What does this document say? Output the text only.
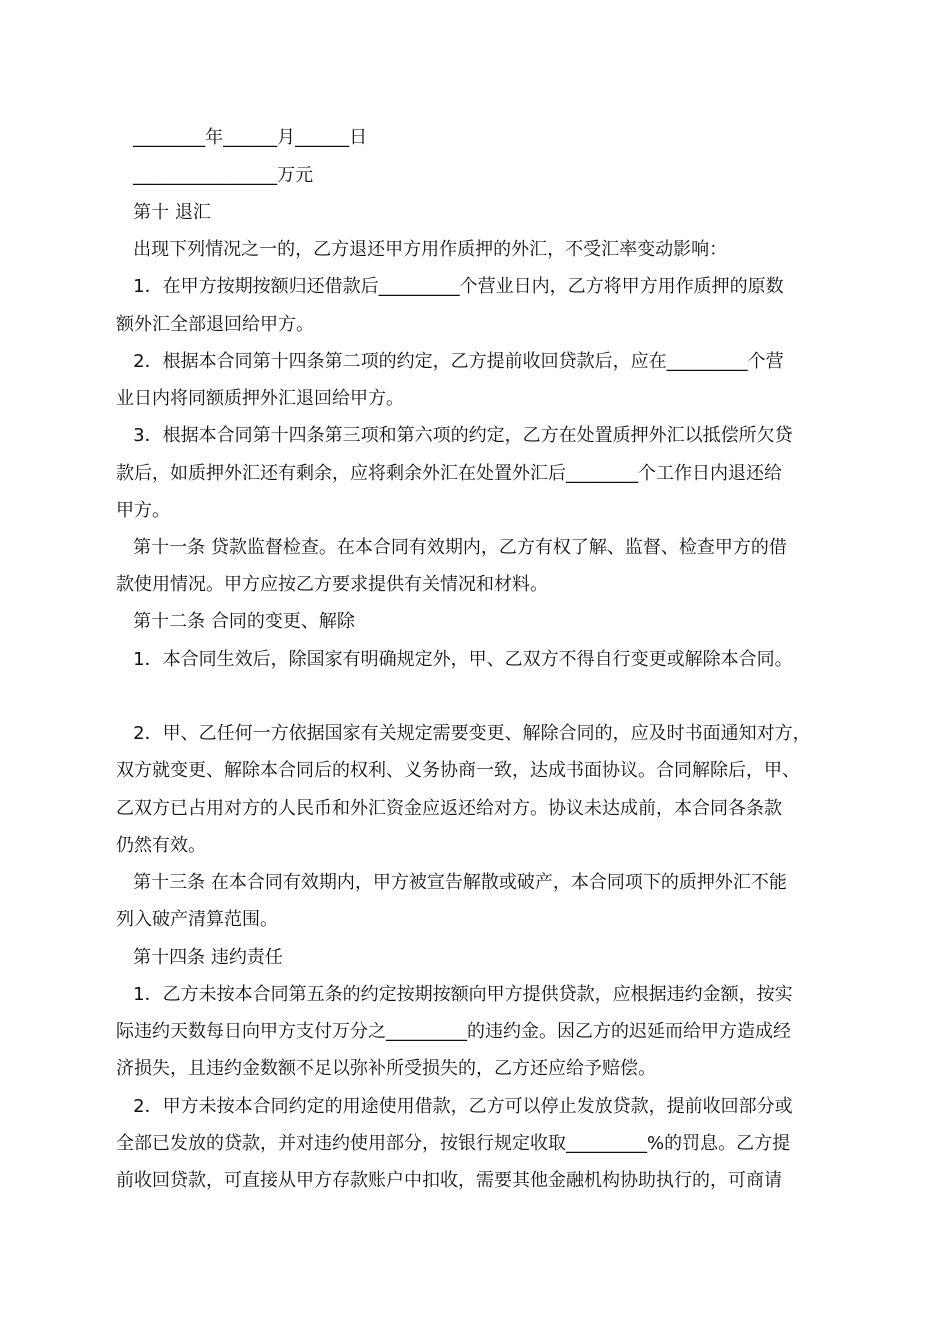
________年______月______日
________________万元
第十 退汇
出现下列情况之一的，乙方退还甲方用作质押的外汇，不受汇率变动影响：
1．在甲方按期按额归还借款后_________个营业日内，乙方将甲方用作质押的原数
额外汇全部退回给甲方。
2．根据本合同第十四条第二项的约定，乙方提前收回贷款后，应在_________个营
业日内将同额质押外汇退回给甲方。
3．根据本合同第十四条第三项和第六项的约定，乙方在处置质押外汇以抵偿所欠贷
款后，如质押外汇还有剩余，应将剩余外汇在处置外汇后________个工作日内退还给
甲方。
第十一条 贷款监督检查。在本合同有效期内，乙方有权了解、监督、检查甲方的借
款使用情况。甲方应按乙方要求提供有关情况和材料。
第十二条 合同的变更、解除
1．本合同生效后，除国家有明确规定外，甲、乙双方不得自行变更或解除本合同。
2．甲、乙任何一方依据国家有关规定需要变更、解除合同的，应及时书面通知对方，
双方就变更、解除本合同后的权利、义务协商一致，达成书面协议。合同解除后，甲、
乙双方已占用对方的人民币和外汇资金应返还给对方。协议未达成前，本合同各条款
仍然有效。
第十三条 在本合同有效期内，甲方被宣告解散或破产，本合同项下的质押外汇不能
列入破产清算范围。
第十四条 违约责任
1．乙方未按本合同第五条的约定按期按额向甲方提供贷款，应根据违约金额，按实
际违约天数每日向甲方支付万分之_________的违约金。因乙方的迟延而给甲方造成经
济损失，且违约金数额不足以弥补所受损失的，乙方还应给予赔偿。
2．甲方未按本合同约定的用途使用借款，乙方可以停止发放贷款，提前收回部分或
全部已发放的贷款，并对违约使用部分，按银行规定收取_________%的罚息。乙方提
前收回贷款，可直接从甲方存款账户中扣收，需要其他金融机构协助执行的，可商请
